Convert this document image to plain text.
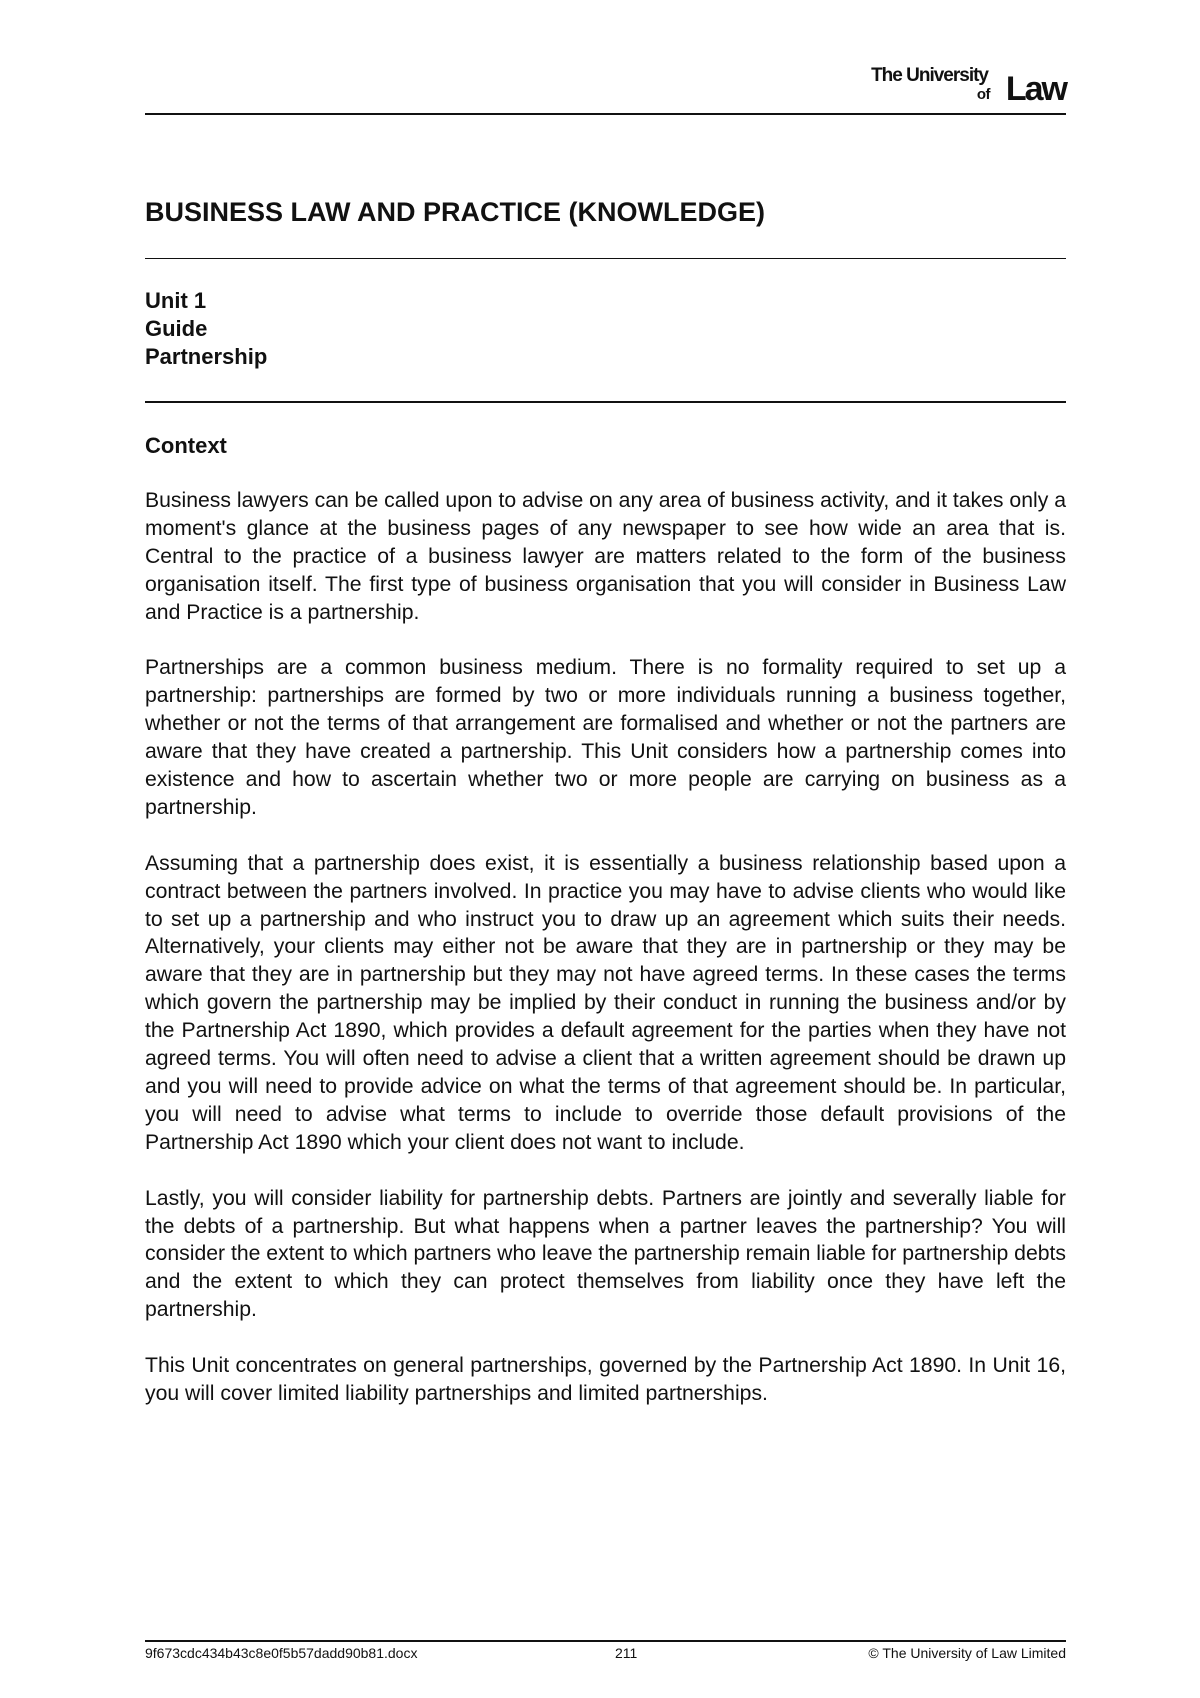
The University
of Law
BUSINESS LAW AND PRACTICE (KNOWLEDGE)
Unit 1
Guide
Partnership
Context

Business lawyers can be called upon to advise on any area of business activity, and it takes only a moment's glance at the business pages of any newspaper to see how wide an area that is. Central to the practice of a business lawyer are matters related to the form of the business organisation itself. The first type of business organisation that you will consider in Business Law and Practice is a partnership.

Partnerships are a common business medium. There is no formality required to set up a partnership: partnerships are formed by two or more individuals running a business together, whether or not the terms of that arrangement are formalised and whether or not the partners are aware that they have created a partnership. This Unit considers how a partnership comes into existence and how to ascertain whether two or more people are carrying on business as a partnership.

Assuming that a partnership does exist, it is essentially a business relationship based upon a contract between the partners involved. In practice you may have to advise clients who would like to set up a partnership and who instruct you to draw up an agreement which suits their needs. Alternatively, your clients may either not be aware that they are in partnership or they may be aware that they are in partnership but they may not have agreed terms. In these cases the terms which govern the partnership may be implied by their conduct in running the business and/or by the Partnership Act 1890, which provides a default agreement for the parties when they have not agreed terms. You will often need to advise a client that a written agreement should be drawn up and you will need to provide advice on what the terms of that agreement should be. In particular, you will need to advise what terms to include to override those default provisions of the Partnership Act 1890 which your client does not want to include.

Lastly, you will consider liability for partnership debts. Partners are jointly and severally liable for the debts of a partnership. But what happens when a partner leaves the partnership? You will consider the extent to which partners who leave the partnership remain liable for partnership debts and the extent to which they can protect themselves from liability once they have left the partnership.

This Unit concentrates on general partnerships, governed by the Partnership Act 1890. In Unit 16, you will cover limited liability partnerships and limited partnerships.

9f673cdc434b43c8e0f5b57dadd90b81.docx	211	© The University of Law Limited
